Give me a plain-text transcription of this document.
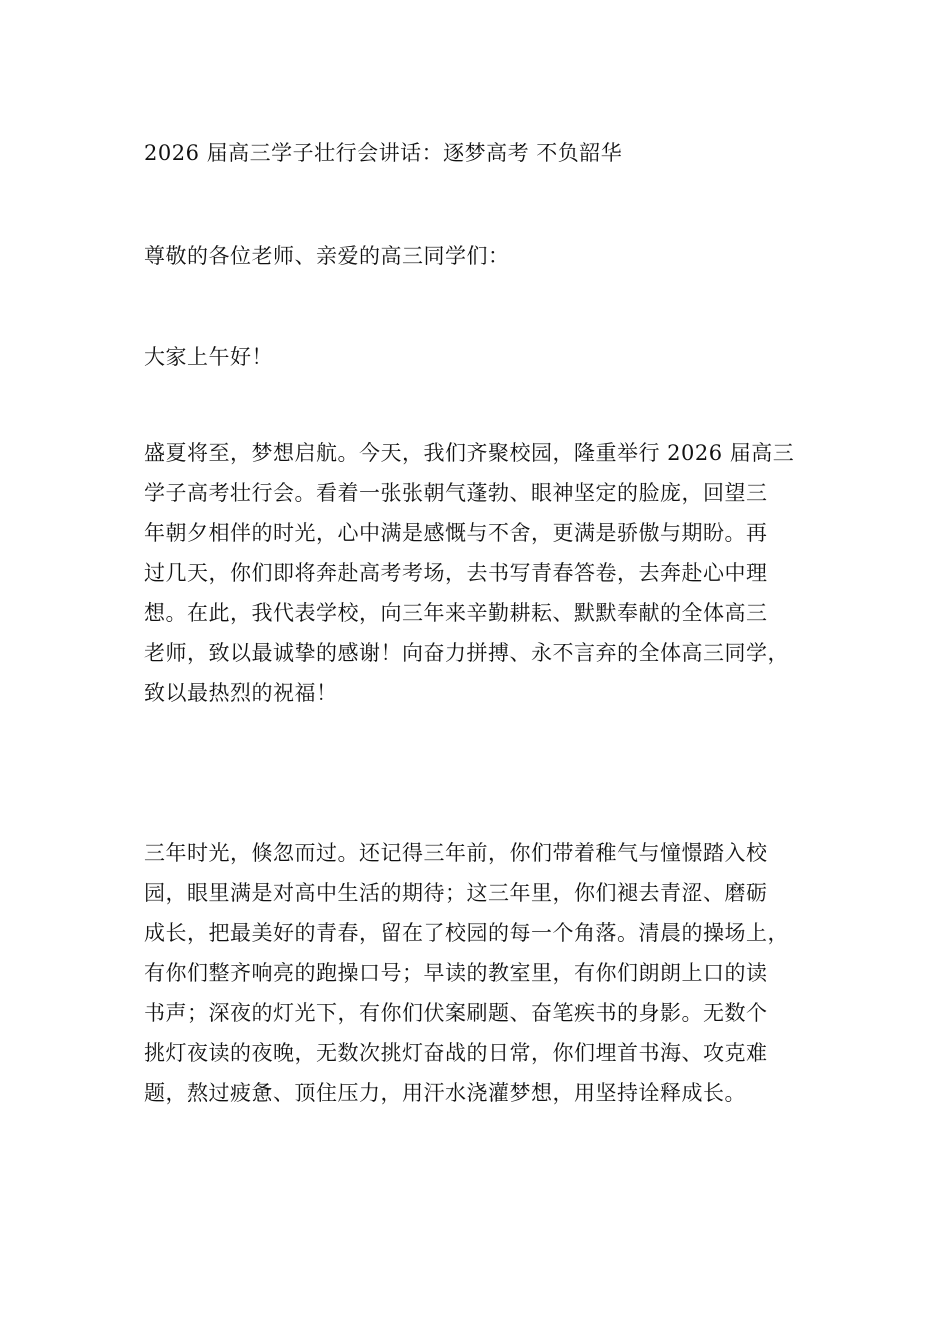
2026 届高三学子壮行会讲话：逐梦高考 不负韶华
尊敬的各位老师、亲爱的高三同学们：
大家上午好！
盛夏将至，梦想启航。今天，我们齐聚校园，隆重举行 2026 届高三
学子高考壮行会。看着一张张朝气蓬勃、眼神坚定的脸庞，回望三
年朝夕相伴的时光，心中满是感慨与不舍，更满是骄傲与期盼。再
过几天，你们即将奔赴高考考场，去书写青春答卷，去奔赴心中理
想。在此，我代表学校，向三年来辛勤耕耘、默默奉献的全体高三
老师，致以最诚挚的感谢！向奋力拼搏、永不言弃的全体高三同学，
致以最热烈的祝福！
三年时光，倏忽而过。还记得三年前，你们带着稚气与憧憬踏入校
园，眼里满是对高中生活的期待；这三年里，你们褪去青涩、磨砺
成长，把最美好的青春，留在了校园的每一个角落。清晨的操场上，
有你们整齐响亮的跑操口号；早读的教室里，有你们朗朗上口的读
书声；深夜的灯光下，有你们伏案刷题、奋笔疾书的身影。无数个
挑灯夜读的夜晚，无数次挑灯奋战的日常，你们埋首书海、攻克难
题，熬过疲惫、顶住压力，用汗水浇灌梦想，用坚持诠释成长。
